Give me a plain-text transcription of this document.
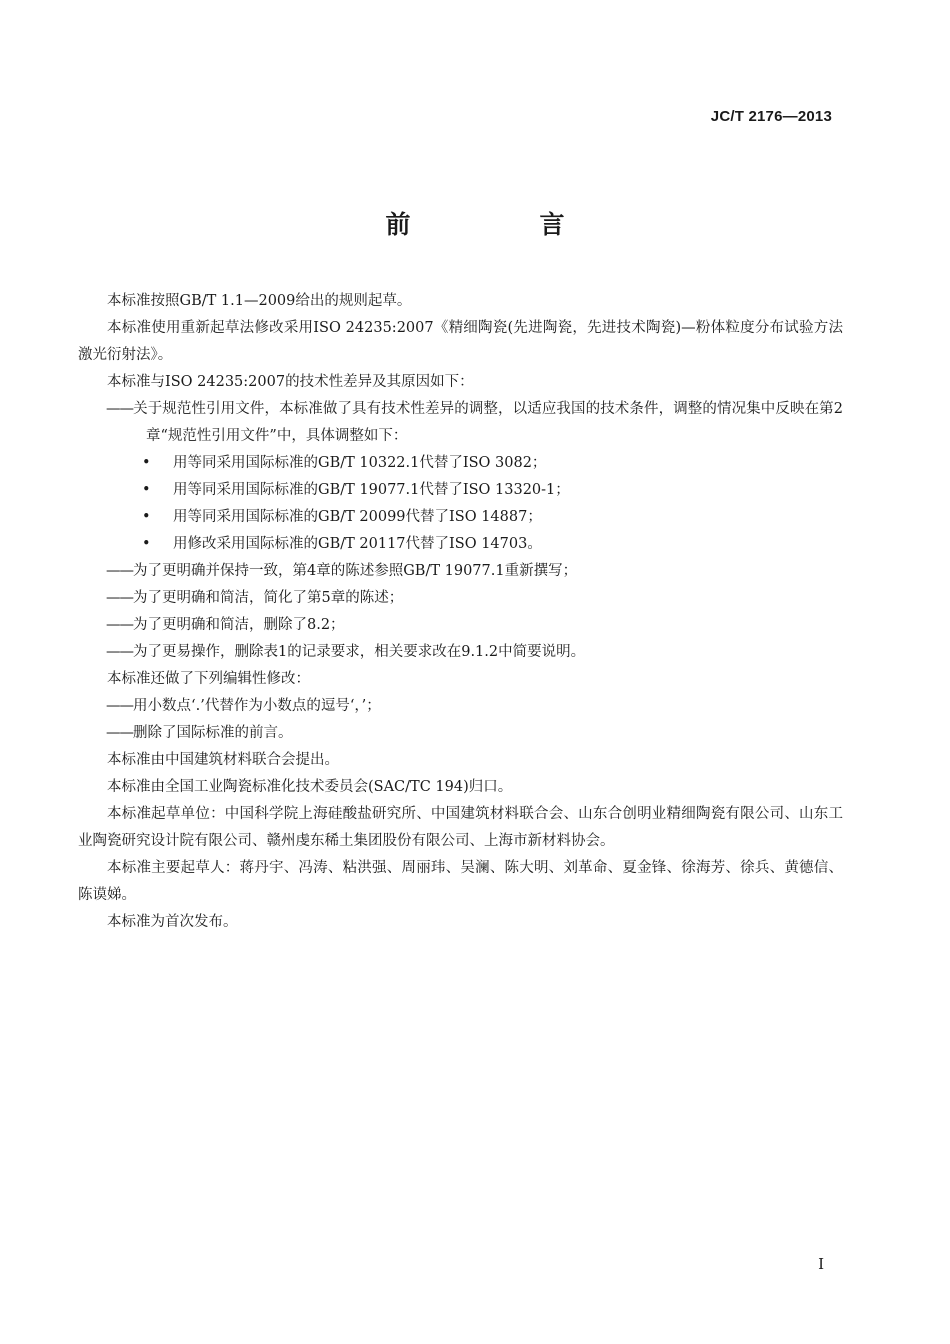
JC/T 2176—2013
前　言

本标准按照GB/T 1.1—2009给出的规则起草。

本标准使用重新起草法修改采用ISO 24235:2007《精细陶瓷(先进陶瓷，先进技术陶瓷)—粉体粒度分布试验方法 激光衍射法》。

本标准与ISO 24235:2007的技术性差异及其原因如下：

——关于规范性引用文件，本标准做了具有技术性差异的调整，以适应我国的技术条件，调整的情况集中反映在第2章“规范性引用文件”中，具体调整如下：

• 用等同采用国际标准的GB/T 10322.1代替了ISO 3082；

• 用等同采用国际标准的GB/T 19077.1代替了ISO 13320-1；

• 用等同采用国际标准的GB/T 20099代替了ISO 14887；

• 用修改采用国际标准的GB/T 20117代替了ISO 14703。

——为了更明确并保持一致，第4章的陈述参照GB/T 19077.1重新撰写；

——为了更明确和简洁，简化了第5章的陈述；

——为了更明确和简洁，删除了8.2；

——为了更易操作，删除表1的记录要求，相关要求改在9.1.2中简要说明。

本标准还做了下列编辑性修改：

——用小数点‘.’代替作为小数点的逗号‘，’；

——删除了国际标准的前言。

本标准由中国建筑材料联合会提出。

本标准由全国工业陶瓷标准化技术委员会(SAC/TC 194)归口。

本标准起草单位：中国科学院上海硅酸盐研究所、中国建筑材料联合会、山东合创明业精细陶瓷有限公司、山东工业陶瓷研究设计院有限公司、赣州虔东稀土集团股份有限公司、上海市新材料协会。

本标准主要起草人：蒋丹宇、冯涛、粘洪强、周丽玮、吴澜、陈大明、刘革命、夏金锋、徐海芳、徐兵、黄德信、陈谟娣。

本标准为首次发布。

I
